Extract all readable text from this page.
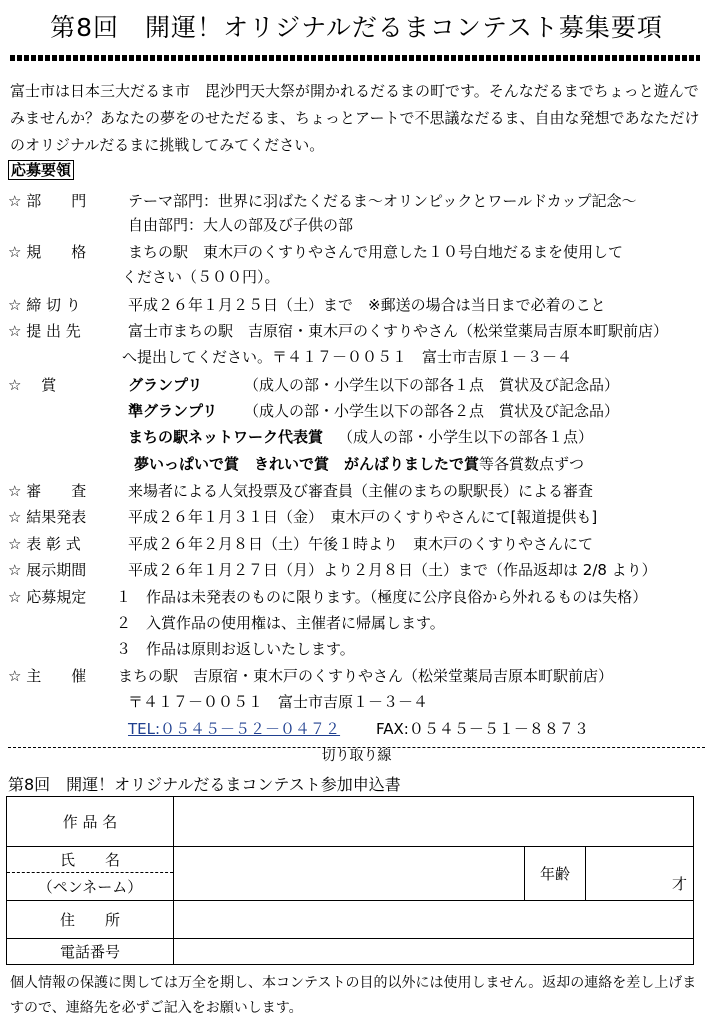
第8回　開運！オリジナルだるまコンテスト募集要項
富士市は日本三大だるま市　毘沙門天大祭が開かれるだるまの町です。そんなだるまでちょっと遊んでみませんか？あなたの夢をのせただるま、ちょっとアートで不思議なだるま、自由な発想であなただけのオリジナルだるまに挑戦してみてください。
応募要領
☆ 部　　門	テーマ部門：世界に羽ばたくだるま～オリンピックとワールドカップ記念～
自由部門：大人の部及び子供の部
☆ 規　　格	まちの駅　東木戸のくすりやさんで用意した１０号白地だるまを使用して
ください（５００円）。
☆ 締 切 り	平成２６年１月２５日（土）まで　※郵送の場合は当日まで必着のこと
☆ 提 出 先	富士市まちの駅　吉原宿・東木戸のくすりやさん（松栄堂薬局吉原本町駅前店）
へ提出してください。〒４１７－００５１　富士市吉原１－３－４
☆　 賞	グランプリ	（成人の部・小学生以下の部各１点　賞状及び記念品）
準グランプリ （成人の部・小学生以下の部各２点　賞状及び記念品）
まちの駅ネットワーク代表賞 （成人の部・小学生以下の部各１点）
夢いっぱいで賞　きれいで賞　がんばりましたで賞等各賞数点ずつ
☆ 審　　査	来場者による人気投票及び審査員（主催のまちの駅駅長）による審査
☆ 結果発表	平成２６年１月３１日（金）　東木戸のくすりやさんにて[報道提供も]
☆ 表 彰 式	平成２６年２月８日（土）午後１時より　東木戸のくすりやさんにて
☆ 展示期間	平成２６年１月２７日（月）より２月８日（土）まで（作品返却は 2/8 より）
☆ 応募規定 １　作品は未発表のものに限ります。（極度に公序良俗から外れるものは失格）
２　入賞作品の使用権は、主催者に帰属します。
３　作品は原則お返しいたします。
☆ 主　　催 まちの駅　吉原宿・東木戸のくすりやさん（松栄堂薬局吉原本町駅前店）
〒４１７－００５１　富士市吉原１－３－４
TEL:０５４５－５２－０４７２ FAX:０５４５－５１－８８７３
切り取り線
第8回　開運！オリジナルだるまコンテスト参加申込書
作 品 名			
氏　　名		年齢	才
（ペンネーム）			
住　　所			
電話番号			
個人情報の保護に関しては万全を期し、本コンテストの目的以外には使用しません。返却の連絡を差し上げますので、連絡先を必ずご記入をお願いします。
